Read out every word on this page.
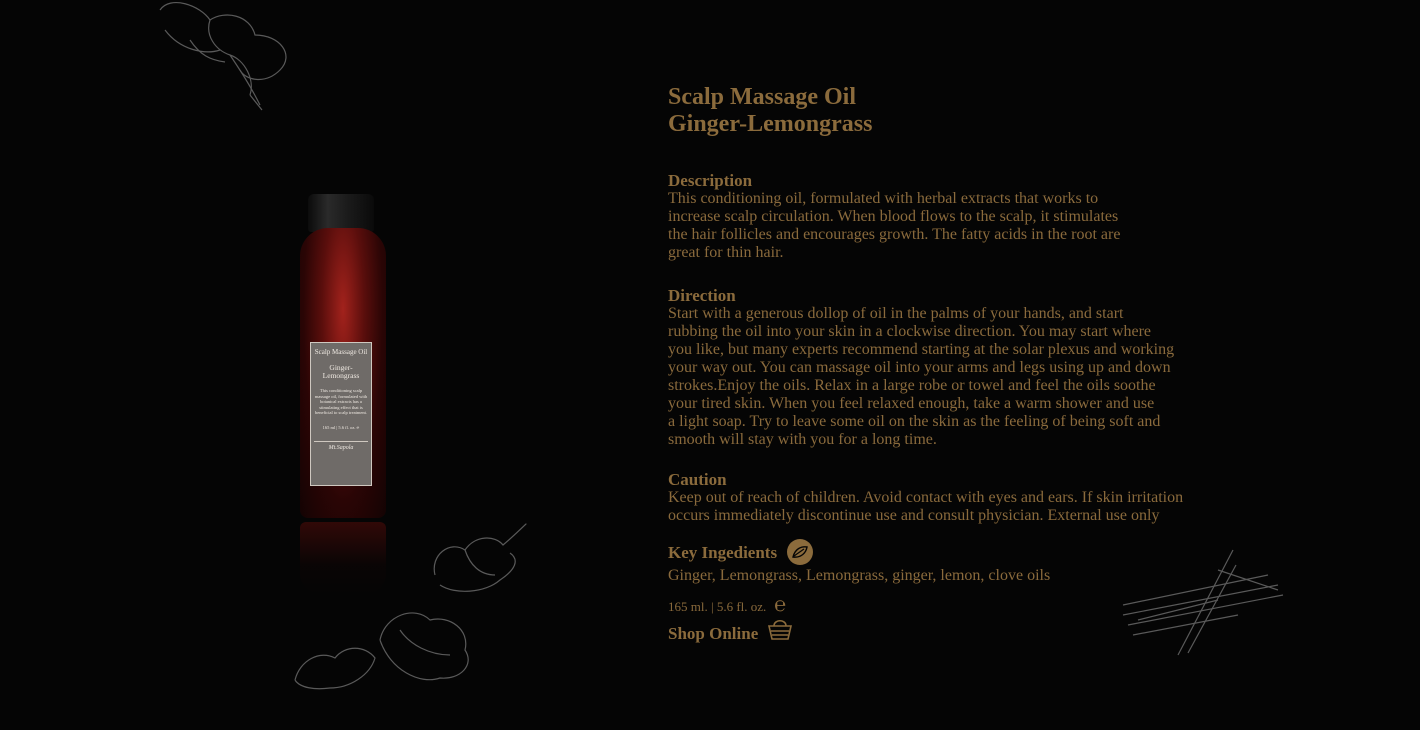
Scalp Massage Oil
Ginger-Lemongrass
This conditioning scalp massage oil, formulated with botanical extracts has a stimulating effect that is beneficial to scalp treatment.
165 ml | 5.6 fl. oz. ℮
Mt.Sapola
Scalp Massage Oil
Ginger-Lemongrass
Description
This conditioning oil, formulated with herbal extracts that works to
increase scalp circulation. When blood flows to the scalp, it stimulates
the hair follicles and encourages growth. The fatty acids in the root are
great for thin hair.
Direction
Start with a generous dollop of oil in the palms of your hands, and start
rubbing the oil into your skin in a clockwise direction. You may start where
you like, but many experts recommend starting at the solar plexus and working
your way out. You can massage oil into your arms and legs using up and down
strokes.Enjoy the oils. Relax in a large robe or towel and feel the oils soothe
your tired skin. When you feel relaxed enough, take a warm shower and use
a light soap. Try to leave some oil on the skin as the feeling of being soft and
smooth will stay with you for a long time.
Caution
Keep out of reach of children. Avoid contact with eyes and ears. If skin irritation
occurs immediately discontinue use and consult physician. External use only
Key Ingedients
Ginger, Lemongrass, Lemongrass, ginger, lemon, clove oils
165 ml. | 5.6 fl. oz. ℮
Shop Online
